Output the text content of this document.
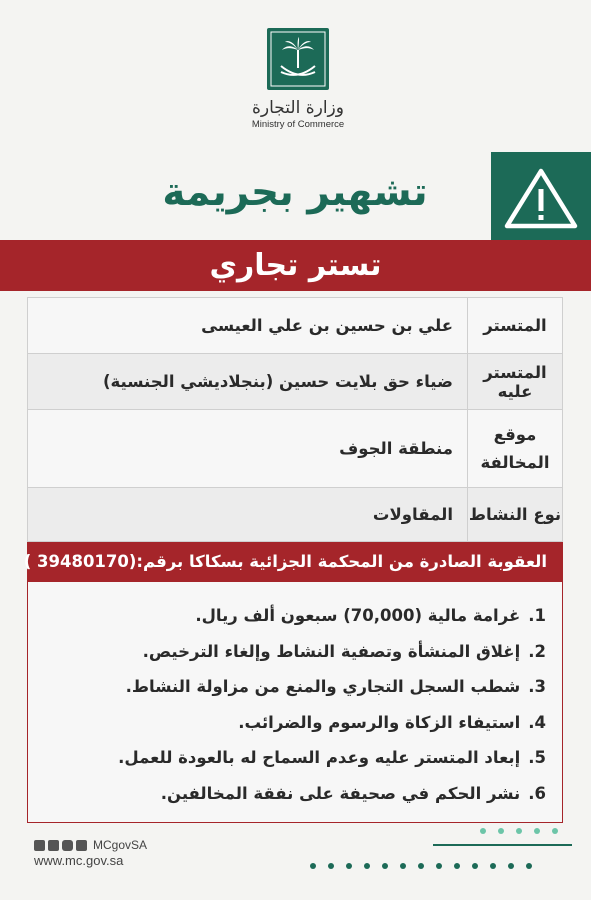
وزارة التجارة
Ministry of Commerce
تشهير بجريمة
تستر تجاري
المتستر	علي بن حسين بن علي العيسى
المتستر عليه	ضياء حق بلايت حسين (بنجلاديشي الجنسية)
موقع المخالفة	منطقة الجوف
نوع النشاط	المقاولات
العقوبة الصادرة من المحكمة الجزائية بسكاكا برقم:(39480170 )
1.غرامة مالية (70,000) سبعون ألف ريال.
2.إغلاق المنشأة وتصفية النشاط وإلغاء الترخيص.
3.شطب السجل التجاري والمنع من مزاولة النشاط.
4.استيفاء الزكاة والرسوم والضرائب.
5.إبعاد المتستر عليه وعدم السماح له بالعودة للعمل.
6.نشر الحكم في صحيفة على نفقة المخالفين.
MCgovSA
www.mc.gov.sa
